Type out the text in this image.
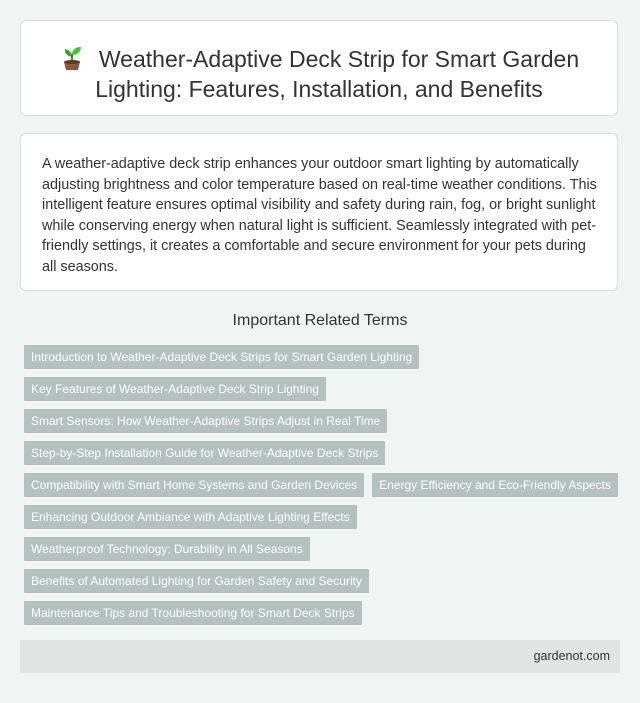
Weather-Adaptive Deck Strip for Smart Garden Lighting: Features, Installation, and Benefits
A weather-adaptive deck strip enhances your outdoor smart lighting by automatically adjusting brightness and color temperature based on real-time weather conditions. This intelligent feature ensures optimal visibility and safety during rain, fog, or bright sunlight while conserving energy when natural light is sufficient. Seamlessly integrated with pet-friendly settings, it creates a comfortable and secure environment for your pets during all seasons.
Important Related Terms
Introduction to Weather-Adaptive Deck Strips for Smart Garden Lighting
Key Features of Weather-Adaptive Deck Strip Lighting
Smart Sensors: How Weather-Adaptive Strips Adjust in Real Time
Step-by-Step Installation Guide for Weather-Adaptive Deck Strips
Compatibility with Smart Home Systems and Garden Devices	Energy Efficiency and Eco-Friendly Aspects
Enhancing Outdoor Ambiance with Adaptive Lighting Effects
Weatherproof Technology: Durability in All Seasons
Benefits of Automated Lighting for Garden Safety and Security
Maintenance Tips and Troubleshooting for Smart Deck Strips
gardenot.com
